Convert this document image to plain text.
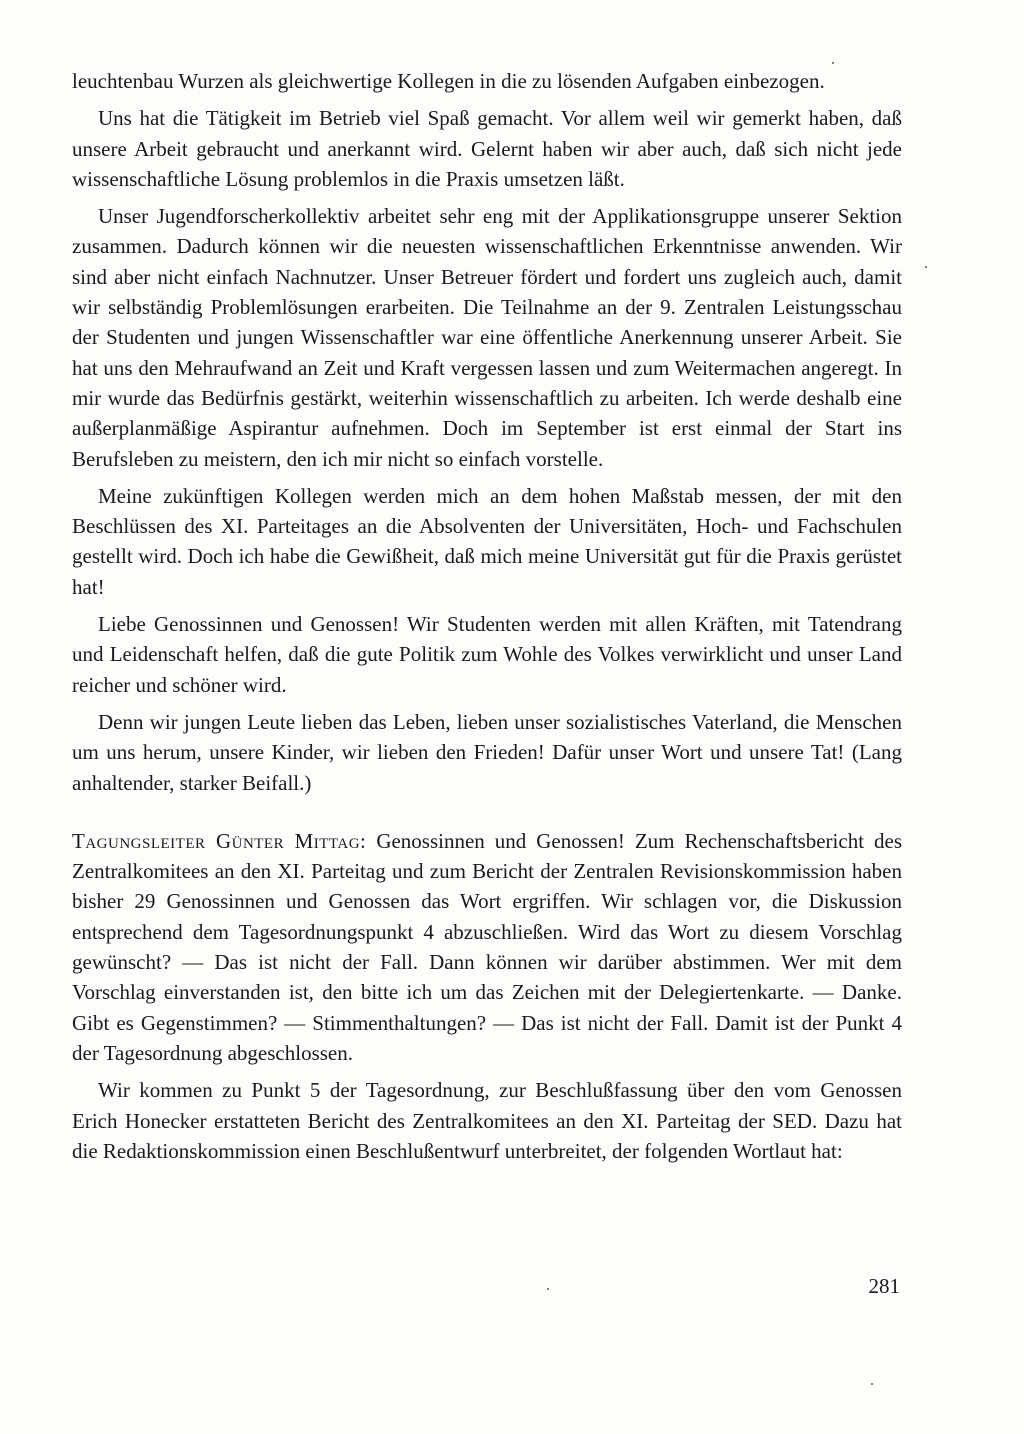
leuchtenbau Wurzen als gleichwertige Kollegen in die zu lösenden Aufgaben einbezogen.

Uns hat die Tätigkeit im Betrieb viel Spaß gemacht. Vor allem weil wir gemerkt haben, daß unsere Arbeit gebraucht und anerkannt wird. Gelernt haben wir aber auch, daß sich nicht jede wissenschaftliche Lösung problemlos in die Praxis umsetzen läßt.

Unser Jugendforscherkollektiv arbeitet sehr eng mit der Applikationsgruppe unserer Sektion zusammen. Dadurch können wir die neuesten wissenschaftlichen Erkenntnisse anwenden. Wir sind aber nicht einfach Nachnutzer. Unser Betreuer fördert und fordert uns zugleich auch, damit wir selbständig Problemlösungen erarbeiten. Die Teilnahme an der 9. Zentralen Leistungsschau der Studenten und jungen Wissenschaftler war eine öffentliche Anerkennung unserer Arbeit. Sie hat uns den Mehraufwand an Zeit und Kraft vergessen lassen und zum Weitermachen angeregt. In mir wurde das Bedürfnis gestärkt, weiterhin wissenschaftlich zu arbeiten. Ich werde deshalb eine außerplanmäßige Aspirantur aufnehmen. Doch im September ist erst einmal der Start ins Berufsleben zu meistern, den ich mir nicht so einfach vorstelle.

Meine zukünftigen Kollegen werden mich an dem hohen Maßstab messen, der mit den Beschlüssen des XI. Parteitages an die Absolventen der Universitäten, Hoch- und Fachschulen gestellt wird. Doch ich habe die Gewißheit, daß mich meine Universität gut für die Praxis gerüstet hat!

Liebe Genossinnen und Genossen! Wir Studenten werden mit allen Kräften, mit Tatendrang und Leidenschaft helfen, daß die gute Politik zum Wohle des Volkes verwirklicht und unser Land reicher und schöner wird.

Denn wir jungen Leute lieben das Leben, lieben unser sozialistisches Vaterland, die Menschen um uns herum, unsere Kinder, wir lieben den Frieden! Dafür unser Wort und unsere Tat! (Lang anhaltender, starker Beifall.)

Tagungsleiter Günter Mittag: Genossinnen und Genossen! Zum Rechenschaftsbericht des Zentralkomitees an den XI. Parteitag und zum Bericht der Zentralen Revisionskommission haben bisher 29 Genossinnen und Genossen das Wort ergriffen. Wir schlagen vor, die Diskussion entsprechend dem Tagesordnungspunkt 4 abzuschließen. Wird das Wort zu diesem Vorschlag gewünscht? — Das ist nicht der Fall. Dann können wir darüber abstimmen. Wer mit dem Vorschlag einverstanden ist, den bitte ich um das Zeichen mit der Delegiertenkarte. — Danke. Gibt es Gegenstimmen? — Stimmenthaltungen? — Das ist nicht der Fall. Damit ist der Punkt 4 der Tagesordnung abgeschlossen.

Wir kommen zu Punkt 5 der Tagesordnung, zur Beschlußfassung über den vom Genossen Erich Honecker erstatteten Bericht des Zentralkomitees an den XI. Parteitag der SED. Dazu hat die Redaktionskommission einen Beschlußentwurf unterbreitet, der folgenden Wortlaut hat:

281
